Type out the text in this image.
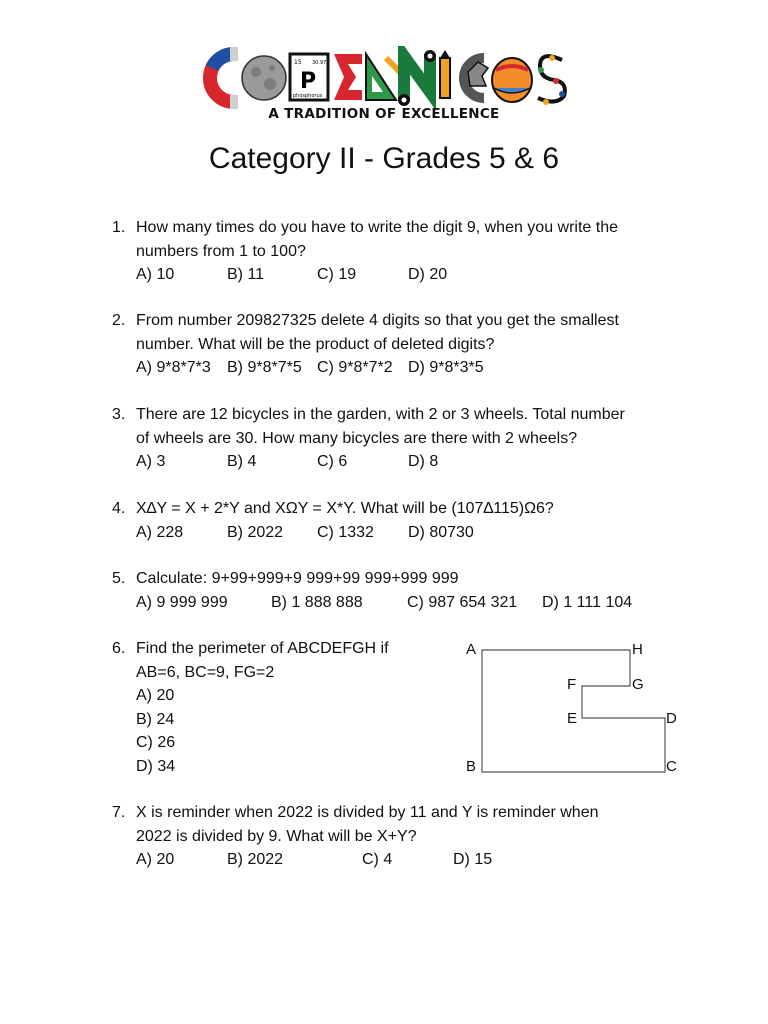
15 30.97
P
phosphorus
A TRADITION OF EXCELLENCE
Category II - Grades 5 & 6
1. How many times do you have to write the digit 9, when you write the
numbers from 1 to 100?
A) 10	B) 11	C) 19	D) 20
2. From number 209827325 delete 4 digits so that you get the smallest
number. What will be the product of deleted digits?
A) 9*8*7*3 B) 9*8*7*5 C) 9*8*7*2 D) 9*8*3*5
3. There are 12 bicycles in the garden, with 2 or 3 wheels. Total number
of wheels are 30. How many bicycles are there with 2 wheels?
A) 3	B) 4	C) 6	D) 8
4. X∆Y = X + 2*Y and XΩY = X*Y. What will be (107∆115)Ω6?
A) 228	B) 2022 C) 1332 D) 80730
5. Calculate: 9+99+999+9 999+99 999+999 999
A) 9 999 999	B) 1 888 888	C) 987 654 321 D) 1 111 104
6. Find the perimeter of ABCDEFGH if
AB=6, BC=9, FG=2
A) 20
B) 24
C) 26
D) 34
A	H
F	G
E	D
B	C
7. X is reminder when 2022 is divided by 11 and Y is reminder when
2022 is divided by 9. What will be X+Y?
A) 20	B) 2022	C) 4	D) 15
